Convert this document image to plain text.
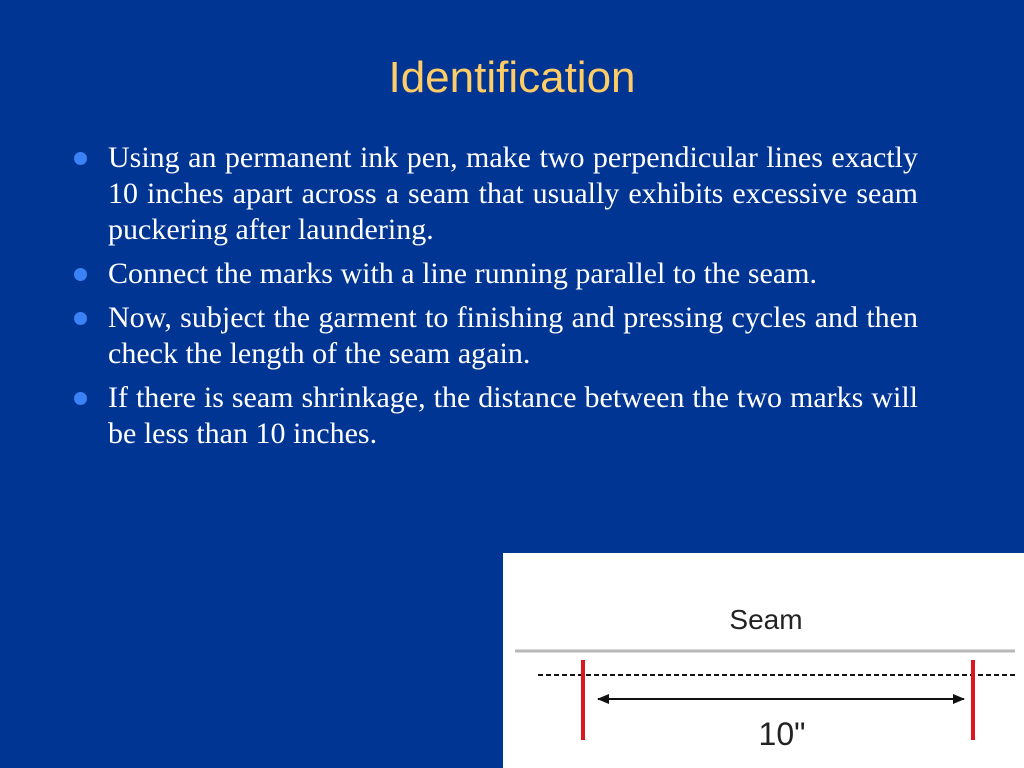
Identification
Using an permanent ink pen, make two perpendicular lines exactly 10 inches apart across a seam that usually exhibits excessive seam puckering after laundering.
Connect the marks with a line running parallel to the seam.
Now, subject the garment to finishing and pressing cycles and then check the length of the seam again.
If there is seam shrinkage, the distance between the two marks will be less than 10 inches.
Seam
10"
